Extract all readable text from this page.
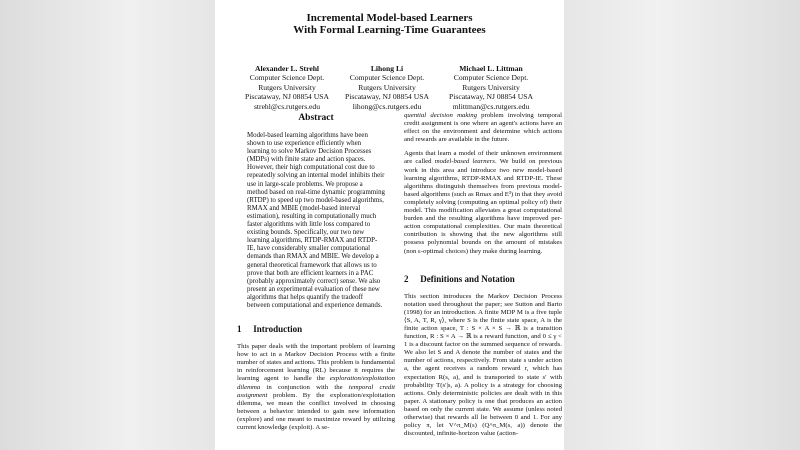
Incremental Model-based Learners
With Formal Learning-Time Guarantees
Alexander L. Strehl
Computer Science Dept.
Rutgers University
Piscataway, NJ 08854 USA
strehl@cs.rutgers.edu
Lihong Li
Computer Science Dept.
Rutgers University
Piscataway, NJ 08854 USA
lihong@cs.rutgers.edu
Michael L. Littman
Computer Science Dept.
Rutgers University
Piscataway, NJ 08854 USA
mlittman@cs.rutgers.edu
Abstract
Model-based learning algorithms have been shown to use experience efficiently when learning to solve Markov Decision Processes (MDPs) with finite state and action spaces. However, their high computational cost due to repeatedly solving an internal model inhibits their use in large-scale problems. We propose a method based on real-time dynamic programming (RTDP) to speed up two model-based algorithms, RMAX and MBIE (model-based interval estimation), resulting in computationally much faster algorithms with little loss compared to existing bounds. Specifically, our two new learning algorithms, RTDP-RMAX and RTDP-IE, have considerably smaller computational demands than RMAX and MBIE. We develop a general theoretical framework that allows us to prove that both are efficient learners in a PAC (probably approximately correct) sense. We also present an experimental evaluation of these new algorithms that helps quantify the tradeoff between computational and experience demands.
1 Introduction

This paper deals with the important problem of learning how to act in a Markov Decision Process with a finite number of states and actions. This problem is fundamental in reinforcement learning (RL) because it requires the learning agent to handle the exploration/exploitation dilemma in conjunction with the temporal credit assignment problem. By the exploration/exploitation dilemma, we mean the conflict involved in choosing between a behavior intended to gain new information (explore) and one meant to maximize reward by utilizing current knowledge (exploit). A se-

quential decision making problem involving temporal credit assignment is one where an agent's actions have an effect on the environment and determine which actions and rewards are available in the future.

Agents that learn a model of their unknown environment are called model-based learners. We build on previous work in this area and introduce two new model-based learning algorithms, RTDP-RMAX and RTDP-IE. These algorithms distinguish themselves from previous model-based algorithms (such as Rmax and E³) in that they avoid completely solving (computing an optimal policy of) their model. This modification alleviates a great computational burden and the resulting algorithms have improved per-action computational complexities. Our main theoretical contribution is showing that the new algorithms still possess polynomial bounds on the amount of mistakes (non ε-optimal choices) they make during learning.

2 Definitions and Notation

This section introduces the Markov Decision Process notation used throughout the paper; see Sutton and Barto (1998) for an introduction. A finite MDP M is a five tuple ⟨S, A, T, R, γ⟩, where S is the finite state space, A is the finite action space, T : S × A × S → ℝ is a transition function, R : S × A → ℝ is a reward function, and 0 ≤ γ < 1 is a discount factor on the summed sequence of rewards. We also let S and A denote the number of states and the number of actions, respectively. From state s under action a, the agent receives a random reward r, which has expectation R(s, a), and is transported to state s′ with probability T(s′|s, a). A policy is a strategy for choosing actions. Only deterministic policies are dealt with in this paper. A stationary policy is one that produces an action based on only the current state. We assume (unless noted otherwise) that rewards all lie between 0 and 1. For any policy π, let V^π_M(s) (Q^π_M(s, a)) denote the discounted, infinite-horizon value (action-
